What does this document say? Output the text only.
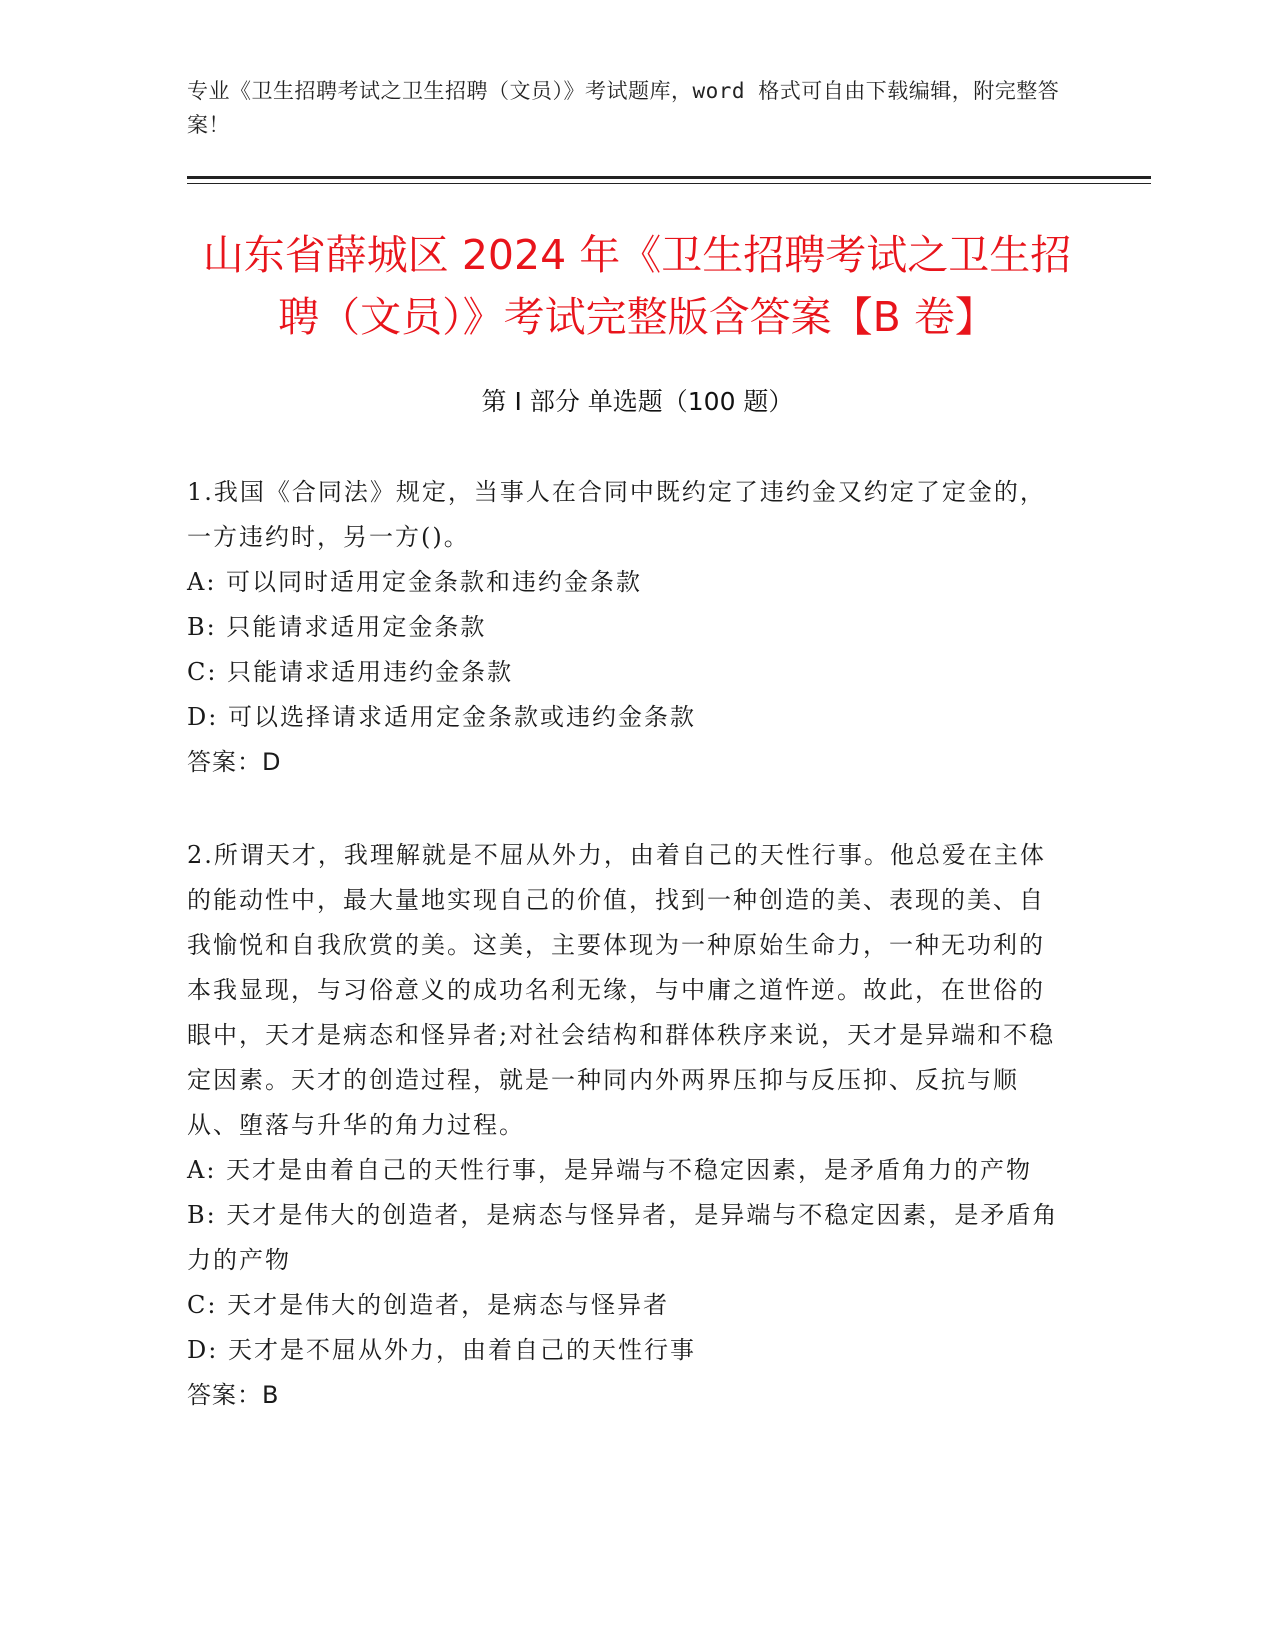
专业《卫生招聘考试之卫生招聘（文员）》考试题库，word 格式可自由下载编辑，附完整答案！
山东省薛城区 2024 年《卫生招聘考试之卫生招聘（文员）》考试完整版含答案【B 卷】
第 I 部分 单选题（100 题）

1.我国《合同法》规定，当事人在合同中既约定了违约金又约定了定金的，一方违约时，另一方()。

A: 可以同时适用定金条款和违约金条款

B: 只能请求适用定金条款

C: 只能请求适用违约金条款

D: 可以选择请求适用定金条款或违约金条款

答案：D

2.所谓天才，我理解就是不屈从外力，由着自己的天性行事。他总爱在主体的能动性中，最大量地实现自己的价值，找到一种创造的美、表现的美、自我愉悦和自我欣赏的美。这美，主要体现为一种原始生命力，一种无功利的本我显现，与习俗意义的成功名利无缘，与中庸之道忤逆。故此，在世俗的眼中，天才是病态和怪异者;对社会结构和群体秩序来说，天才是异端和不稳定因素。天才的创造过程，就是一种同内外两界压抑与反压抑、反抗与顺从、堕落与升华的角力过程。

A: 天才是由着自己的天性行事，是异端与不稳定因素，是矛盾角力的产物

B: 天才是伟大的创造者，是病态与怪异者，是异端与不稳定因素，是矛盾角力的产物

C: 天才是伟大的创造者，是病态与怪异者

D: 天才是不屈从外力，由着自己的天性行事

答案：B
